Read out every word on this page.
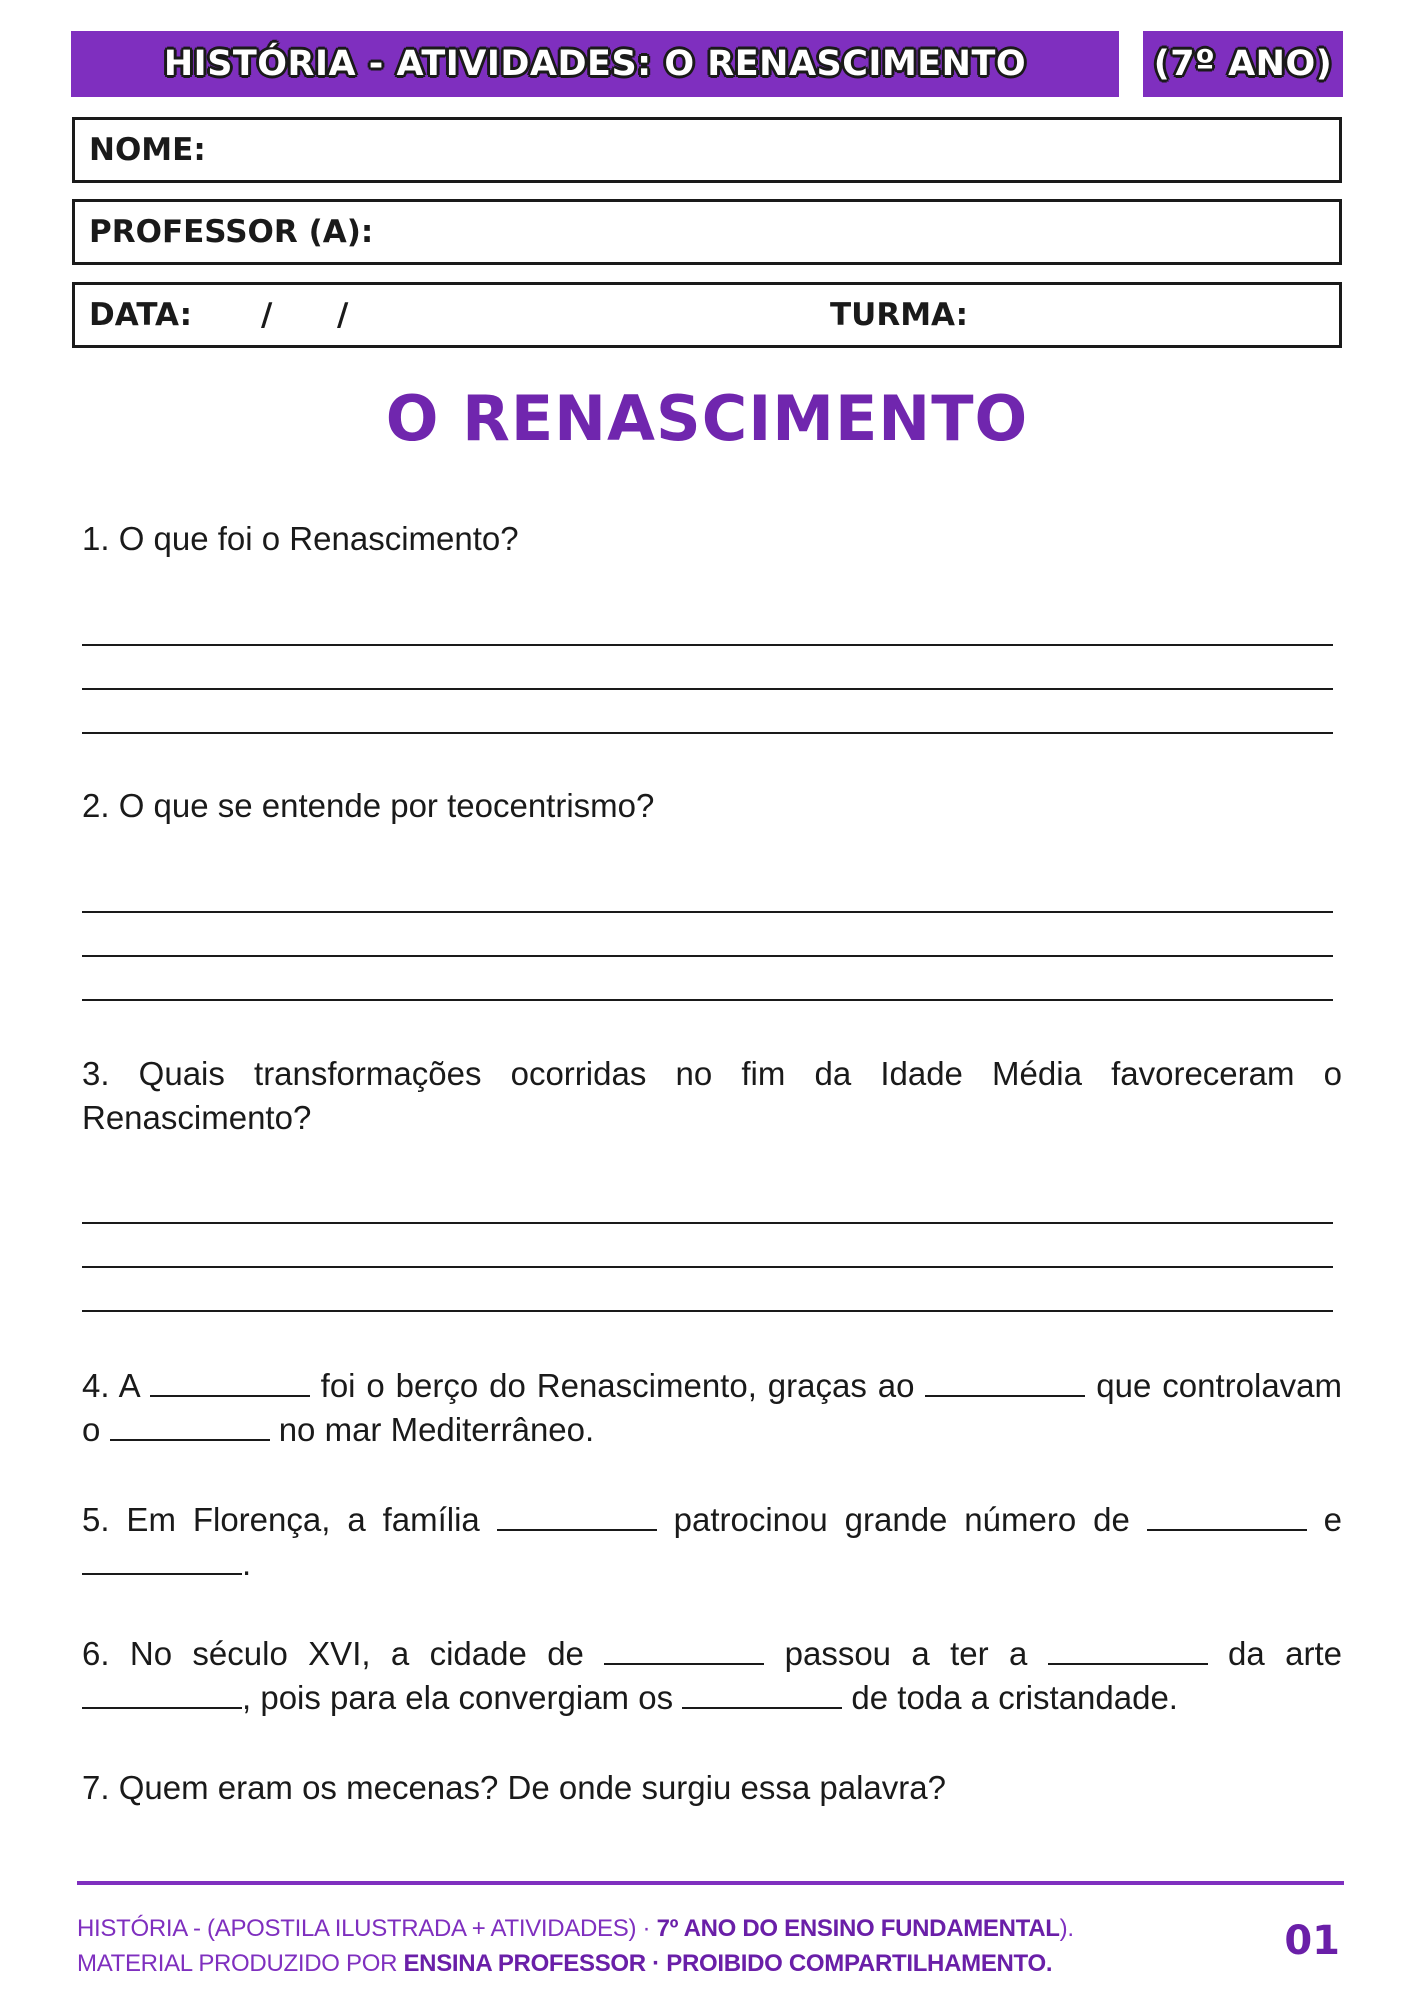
HISTÓRIA - ATIVIDADES: O RENASCIMENTO	(7º ANO)
NOME:
PROFESSOR (A):
DATA: / /	TURMA:
O RENASCIMENTO
1. O que foi o Renascimento?
2. O que se entende por teocentrismo?
3. Quais transformações ocorridas no fim da Idade Média favoreceram o Renascimento?
4. A	foi o berço do Renascimento, graças ao	que controlavam o	no mar Mediterrâneo.
5. Em Florença, a família	patrocinou grande número de	e .
6. No século XVI, a cidade de	passou a ter a	da arte , pois para ela convergiam os	de toda a cristandade.
7. Quem eram os mecenas? De onde surgiu essa palavra?
HISTÓRIA - (APOSTILA ILUSTRADA + ATIVIDADES) · 7º ANO DO ENSINO FUNDAMENTAL).
MATERIAL PRODUZIDO POR ENSINA PROFESSOR · PROIBIDO COMPARTILHAMENTO.	01
